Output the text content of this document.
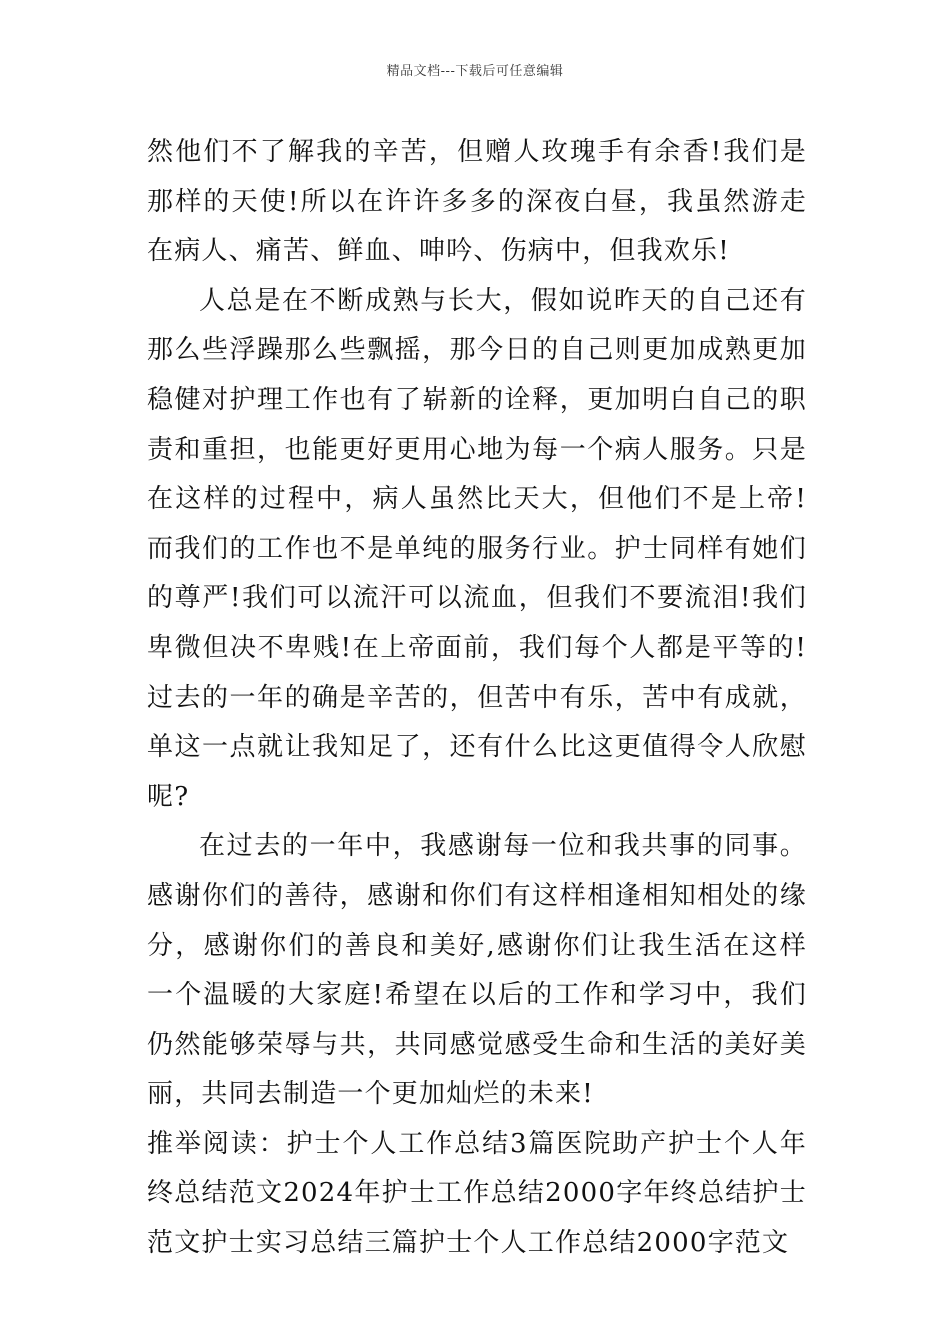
精品文档---下载后可任意编辑

然他们不了解我的辛苦，但赠人玫瑰手有余香!我们是那样的天使!所以在许许多多的深夜白昼，我虽然游走在病人、痛苦、鲜血、呻吟、伤病中，但我欢乐!

人总是在不断成熟与长大，假如说昨天的自己还有那么些浮躁那么些飘摇，那今日的自己则更加成熟更加稳健对护理工作也有了崭新的诠释，更加明白自己的职责和重担，也能更好更用心地为每一个病人服务。只是在这样的过程中，病人虽然比天大，但他们不是上帝!而我们的工作也不是单纯的服务行业。护士同样有她们的尊严!我们可以流汗可以流血，但我们不要流泪!我们卑微但决不卑贱!在上帝面前，我们每个人都是平等的!过去的一年的确是辛苦的，但苦中有乐，苦中有成就，单这一点就让我知足了，还有什么比这更值得令人欣慰呢?

在过去的一年中，我感谢每一位和我共事的同事。感谢你们的善待，感谢和你们有这样相逢相知相处的缘分，感谢你们的善良和美好,感谢你们让我生活在这样一个温暖的大家庭!希望在以后的工作和学习中，我们仍然能够荣辱与共，共同感觉感受生命和生活的美好美丽，共同去制造一个更加灿烂的未来!

推举阅读：护士个人工作总结3篇医院助产护士个人年终总结范文2024年护士工作总结2000字年终总结护士范文护士实习总结三篇护士个人工作总结2000字范文
